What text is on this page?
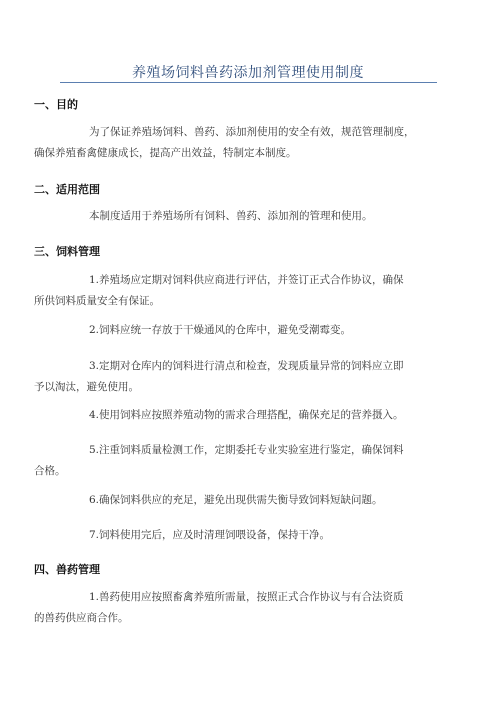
养殖场饲料兽药添加剂管理使用制度
一、目的
为了保证养殖场饲料、兽药、添加剂使用的安全有效，规范管理制度，
确保养殖畜禽健康成长，提高产出效益，特制定本制度。
二、适用范围
本制度适用于养殖场所有饲料、兽药、添加剂的管理和使用。
三、饲料管理
1.养殖场应定期对饲料供应商进行评估，并签订正式合作协议，确保
所供饲料质量安全有保证。
2.饲料应统一存放于干燥通风的仓库中，避免受潮霉变。
3.定期对仓库内的饲料进行清点和检查，发现质量异常的饲料应立即
予以淘汰，避免使用。
4.使用饲料应按照养殖动物的需求合理搭配，确保充足的营养摄入。
5.注重饲料质量检测工作，定期委托专业实验室进行鉴定，确保饲料
合格。
6.确保饲料供应的充足，避免出现供需失衡导致饲料短缺问题。
7.饲料使用完后，应及时清理饲喂设备，保持干净。
四、兽药管理
1.兽药使用应按照畜禽养殖所需量，按照正式合作协议与有合法资质
的兽药供应商合作。
